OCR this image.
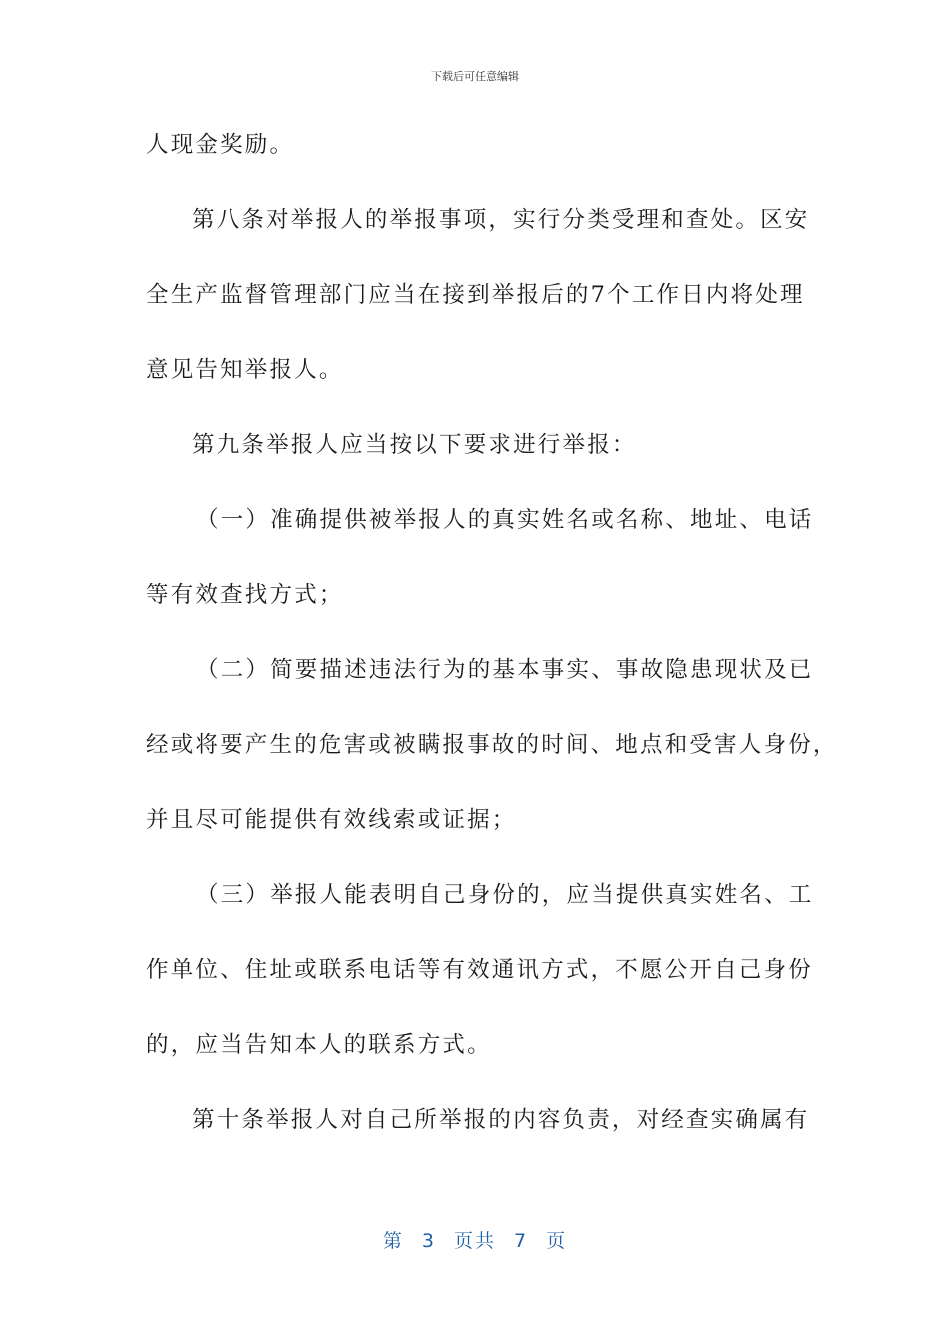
下载后可任意编辑
人现金奖励。
第八条对举报人的举报事项，实行分类受理和查处。区安
全生产监督管理部门应当在接到举报后的7个工作日内将处理
意见告知举报人。
第九条举报人应当按以下要求进行举报：
（一）准确提供被举报人的真实姓名或名称、地址、电话
等有效查找方式；
（二）简要描述违法行为的基本事实、事故隐患现状及已
经或将要产生的危害或被瞒报事故的时间、地点和受害人身份，
并且尽可能提供有效线索或证据；
（三）举报人能表明自己身份的，应当提供真实姓名、工
作单位、住址或联系电话等有效通讯方式，不愿公开自己身份
的，应当告知本人的联系方式。
第十条举报人对自己所举报的内容负责，对经查实确属有
第 3 页共 7 页
